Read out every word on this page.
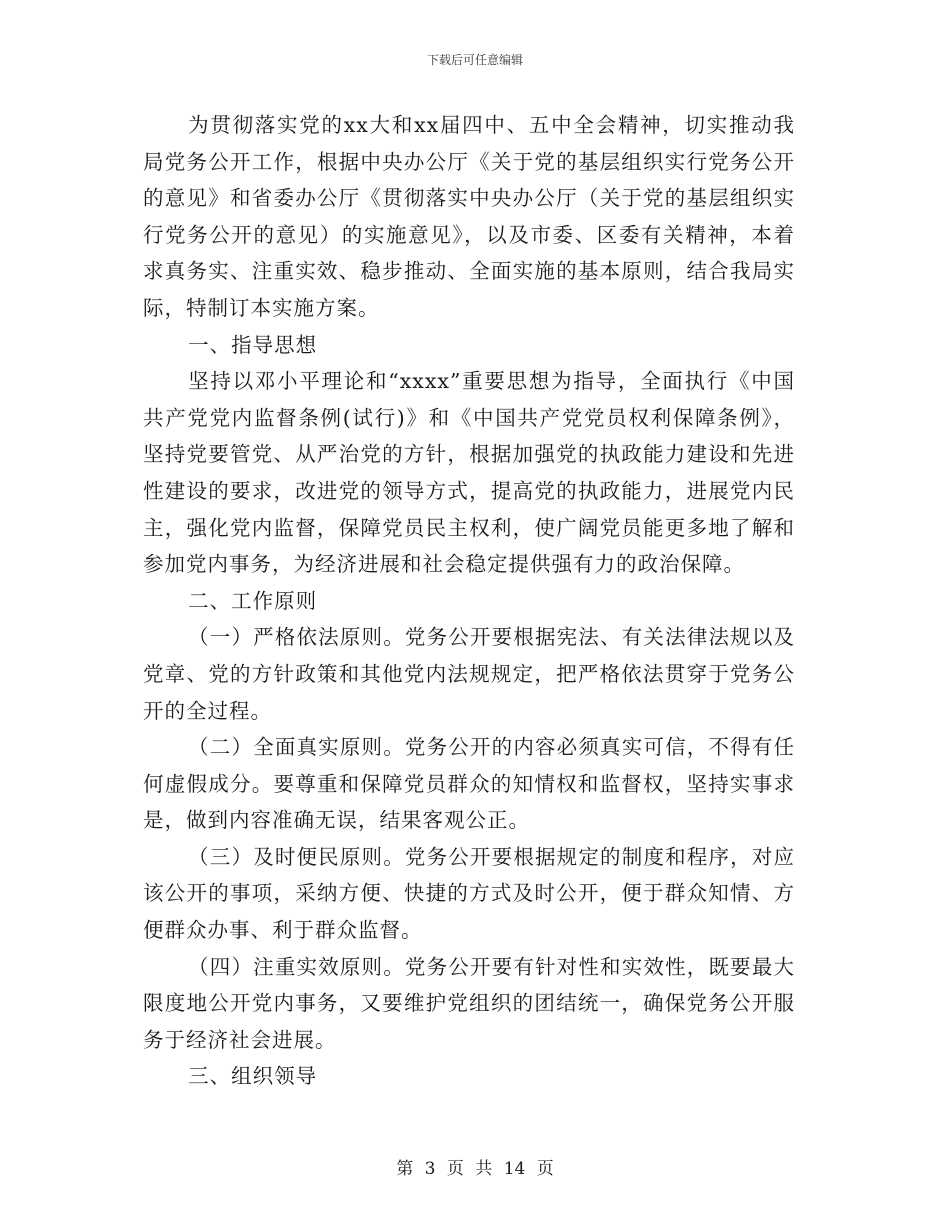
下载后可任意编辑

为贯彻落实党的xx大和xx届四中、五中全会精神，切实推动我局党务公开工作，根据中央办公厅《关于党的基层组织实行党务公开的意见》和省委办公厅《贯彻落实中央办公厅（关于党的基层组织实行党务公开的意见）的实施意见》，以及市委、区委有关精神，本着求真务实、注重实效、稳步推动、全面实施的基本原则，结合我局实际，特制订本实施方案。

一、指导思想

坚持以邓小平理论和“xxxx”重要思想为指导，全面执行《中国共产党党内监督条例(试行)》和《中国共产党党员权利保障条例》，坚持党要管党、从严治党的方针，根据加强党的执政能力建设和先进性建设的要求，改进党的领导方式，提高党的执政能力，进展党内民主，强化党内监督，保障党员民主权利，使广阔党员能更多地了解和参加党内事务，为经济进展和社会稳定提供强有力的政治保障。

二、工作原则

（一）严格依法原则。党务公开要根据宪法、有关法律法规以及党章、党的方针政策和其他党内法规规定，把严格依法贯穿于党务公开的全过程。

（二）全面真实原则。党务公开的内容必须真实可信，不得有任何虚假成分。要尊重和保障党员群众的知情权和监督权，坚持实事求是，做到内容准确无误，结果客观公正。

（三）及时便民原则。党务公开要根据规定的制度和程序，对应该公开的事项，采纳方便、快捷的方式及时公开，便于群众知情、方便群众办事、利于群众监督。

（四）注重实效原则。党务公开要有针对性和实效性，既要最大限度地公开党内事务，又要维护党组织的团结统一，确保党务公开服务于经济社会进展。

三、组织领导

第 3 页 共 14 页
